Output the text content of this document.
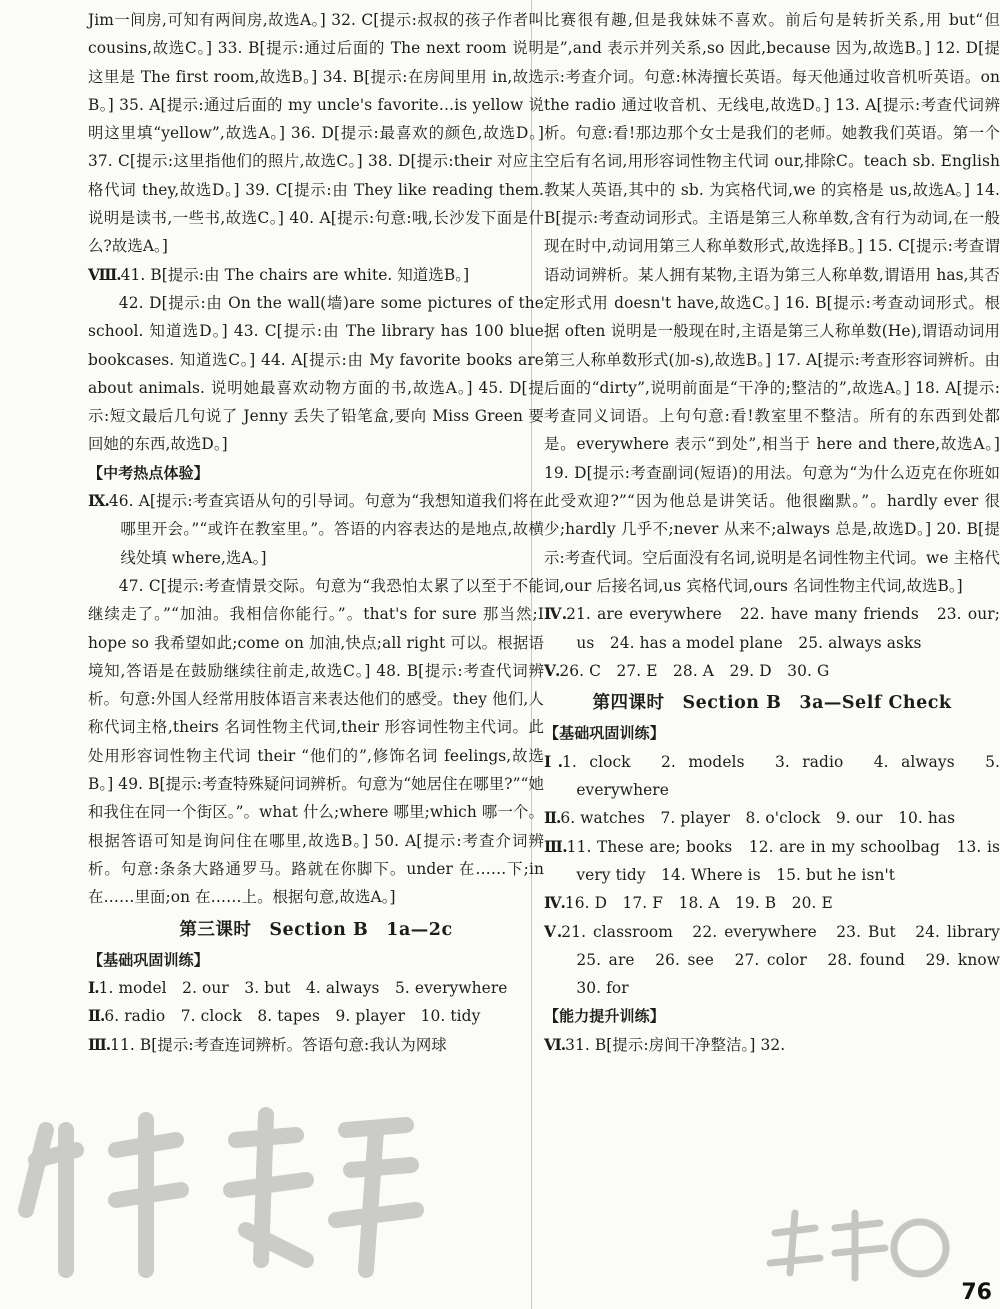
Jim一间房,可知有两间房,故选A。] 32. C[提示:叔叔的孩子作者叫 cousins,故选C。] 33. B[提示:通过后面的 The next room 说明这里是 The first room,故选B。] 34. B[提示:在房间里用 in,故选B。] 35. A[提示:通过后面的 my uncle's favorite…is yellow 说明这里填“yellow”,故选A。] 36. D[提示:最喜欢的颜色,故选D。] 37. C[提示:这里指他们的照片,故选C。] 38. D[提示:their 对应主格代词 they,故选D。] 39. C[提示:由 They like reading them. 说明是读书,一些书,故选C。] 40. A[提示:句意:哦,长沙发下面是什么?故选A。]

Ⅷ.41. B[提示:由 The chairs are white. 知道选B。]

42. D[提示:由 On the wall(墙)are some pictures of the school. 知道选D。] 43. C[提示:由 The library has 100 blue bookcases. 知道选C。] 44. A[提示:由 My favorite books are about animals. 说明她最喜欢动物方面的书,故选A。] 45. D[提示:短文最后几句说了 Jenny 丢失了铅笔盒,要向 Miss Green 要回她的东西,故选D。]

【中考热点体验】

Ⅸ.46. A[提示:考查宾语从句的引导词。句意为“我想知道我们将在哪里开会。”“或许在教室里。”。答语的内容表达的是地点,故横线处填 where,选A。]

47. C[提示:考查情景交际。句意为“我恐怕太累了以至于不能继续走了。”“加油。我相信你能行。”。that's for sure 那当然;I hope so 我希望如此;come on 加油,快点;all right 可以。根据语境知,答语是在鼓励继续往前走,故选C。] 48. B[提示:考查代词辨析。句意:外国人经常用肢体语言来表达他们的感受。they 他们,人称代词主格,theirs 名词性物主代词,their 形容词性物主代词。此处用形容词性物主代词 their “他们的”,修饰名词 feelings,故选B。] 49. B[提示:考查特殊疑问词辨析。句意为“她居住在哪里?”“她和我住在同一个街区。”。what 什么;where 哪里;which 哪一个。根据答语可知是询问住在哪里,故选B。] 50. A[提示:考查介词辨析。句意:条条大路通罗马。路就在你脚下。under 在……下;in 在……里面;on 在……上。根据句意,故选A。]

第三课时　Section B　1a—2c

【基础巩固训练】

Ⅰ.1. model　2. our　3. but　4. always　5. everywhere

Ⅱ.6. radio　7. clock　8. tapes　9. player　10. tidy

Ⅲ.11. B[提示:考查连词辨析。答语句意:我认为网球

比赛很有趣,但是我妹妹不喜欢。前后句是转折关系,用 but“但是”,and 表示并列关系,so 因此,because 因为,故选B。] 12. D[提示:考查介词。句意:林涛擅长英语。每天他通过收音机听英语。on the radio 通过收音机、无线电,故选D。] 13. A[提示:考查代词辨析。句意:看!那边那个女士是我们的老师。她教我们英语。第一个空后有名词,用形容词性物主代词 our,排除C。teach sb. English 教某人英语,其中的 sb. 为宾格代词,we 的宾格是 us,故选A。] 14. B[提示:考查动词形式。主语是第三人称单数,含有行为动词,在一般现在时中,动词用第三人称单数形式,故选择B。] 15. C[提示:考查谓语动词辨析。某人拥有某物,主语为第三人称单数,谓语用 has,其否定形式用 doesn't have,故选C。] 16. B[提示:考查动词形式。根据 often 说明是一般现在时,主语是第三人称单数(He),谓语动词用第三人称单数形式(加-s),故选B。] 17. A[提示:考查形容词辨析。由后面的“dirty”,说明前面是“干净的;整洁的”,故选A。] 18. A[提示:考查同义词语。上句句意:看!教室里不整洁。所有的东西到处都是。everywhere 表示“到处”,相当于 here and there,故选A。] 19. D[提示:考查副词(短语)的用法。句意为“为什么迈克在你班如此受欢迎?”“因为他总是讲笑话。他很幽默。”。hardly ever 很少;hardly 几乎不;never 从来不;always 总是,故选D。] 20. B[提示:考查代词。空后面没有名词,说明是名词性物主代词。we 主格代词,our 后接名词,us 宾格代词,ours 名词性物主代词,故选B。]

Ⅳ.21. are everywhere　22. have many friends　23. our; us　24. has a model plane　25. always asks

Ⅴ.26. C　27. E　28. A　29. D　30. G

第四课时　Section B　3a—Self Check

【基础巩固训练】

Ⅰ.1. clock　2. models　3. radio　4. always　5. everywhere

Ⅱ.6. watches　7. player　8. o'clock　9. our　10. has

Ⅲ.11. These are; books　12. are in my schoolbag　13. is very tidy　14. Where is　15. but he isn't

Ⅳ.16. D　17. F　18. A　19. B　20. E

Ⅴ.21. classroom　22. everywhere　23. But　24. library　25. are　26. see　27. color　28. found　29. know　30. for

【能力提升训练】

Ⅵ.31. B[提示:房间干净整洁。] 32.

76
